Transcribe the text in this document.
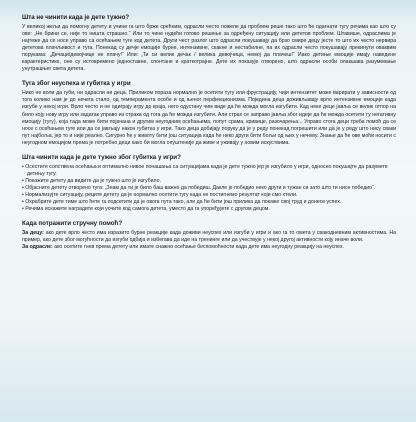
Шта не чинити када је дете тужно?

У великој жељи да помогну детету и учине га што брже срећним, одрасли често пожеле да проблем реше тако што ће одагнати тугу речима као што су ове: „Не брини се, није то ништа страшно.“ Или то чине нудећи готово решење за одређену ситуацију или дететов проблем. Штавише, одраслима је најтеже да се носе управо са осећањем туге код детета. Други чест разлог што одрасли покушавају да брзо смире децу јесте то што их често нервира дететова плачљивост и туга. Понекад су дечје емоције бурне, интензивне, скакне и нестабилне, па их одрасли често покушавају прекинути оваквим порукама: „Дечаци/девојчице не плачу!“ Или: „Ти си велик дечак / велика девојчица, немој да плачеш!“ Иако детиње емоције имају наведене карактеристике, оне су истовремено једноставне, спонтане и краткотрајне. Дете их показује отворено, што одрасли особи олакшава разумевање унутрашњег света детета.

Туга због неуспеха и губитка у игри

Нико не воли да губи, ни одрасли ни деца. Приликом пораза нормално је осетити тугу или фрустрацију, чији интензитет може варирати у зависности од тога колико нам је до нечега стало, од темперамента особе и од њеног перфекционизма. Поједина деца доживљавају врло интензивне емоције када изгубе у некој игри. Врло често и не одиграју игру до краја, него одустану чим виде да ће можда могла изгубити. Кад неке деце јавља се велик отпор на било коју нову игру или задатак управо из страха од тога да ће можда изгубити. Али страх се заправо јавља због идеје да ће можда осетити ту негативну емоцију (тугу), која тада може бити појачана и другим неугодним осећањима, попут срама, кривице, разочарења... Управо стога деци треба помоћ да се носе с осећањем туге или да се јављају након губитка у игри. Тако деца добијају поруку да је у реду понекад погрешити или да је у реду што нису сваки пут најбоља, јер то и није реално. Сигурно ће у животу бити још ситуација када ће неко други бити бољи од њих у нечему. Знање да ће ове моћи носити с неугодном емоцијом према је потребно деци како би могла опуштеније да живе и уживају у новим искуствима.

Шта чинити када је дете тужно због губитка у игри?
• Осестите сопствена осећања и оптимално нивое понашања са ситуацијама када је дете тужно јер је изгубило у игри, односно покушајте да разумете детињу тугу.
• Покажите детету да видите да је тужно што је изгубило.
• Објасните детету отворено туга: „Знам да ти је било баш важно да победиш. Дакле је победио неко други и тужан си зато што ти нисе победио“.
• Нормализујте ситуацију, реците детету да је нормално осетити тугу када не постигнемо резултат који смо хтели.
• Охрабрите дете тиме што ћете га подсетити да је овога пута тако, али да ће бити још прилика да покаже свој труд и донесе успех.
• Речима искажите наградите који уочите код самога детета, уместо да га упоређујете с другом децом.
Када потражити стручну помоћ?

За децу: ако дете врло често има изразито бурне реакције када доживи неуспех или изгуби у игри и ако га то омета у свакодневним активностима. На пример, ако дете због могућности да изгуби одбија и избегава да иде на тренинге или да учествује у некој другој активности коју иначе воли.

За одрасле: ако осетите гнев према детету или имате снажно осећање беспомоћности када дете има неугодну реакцију на неуспех.
